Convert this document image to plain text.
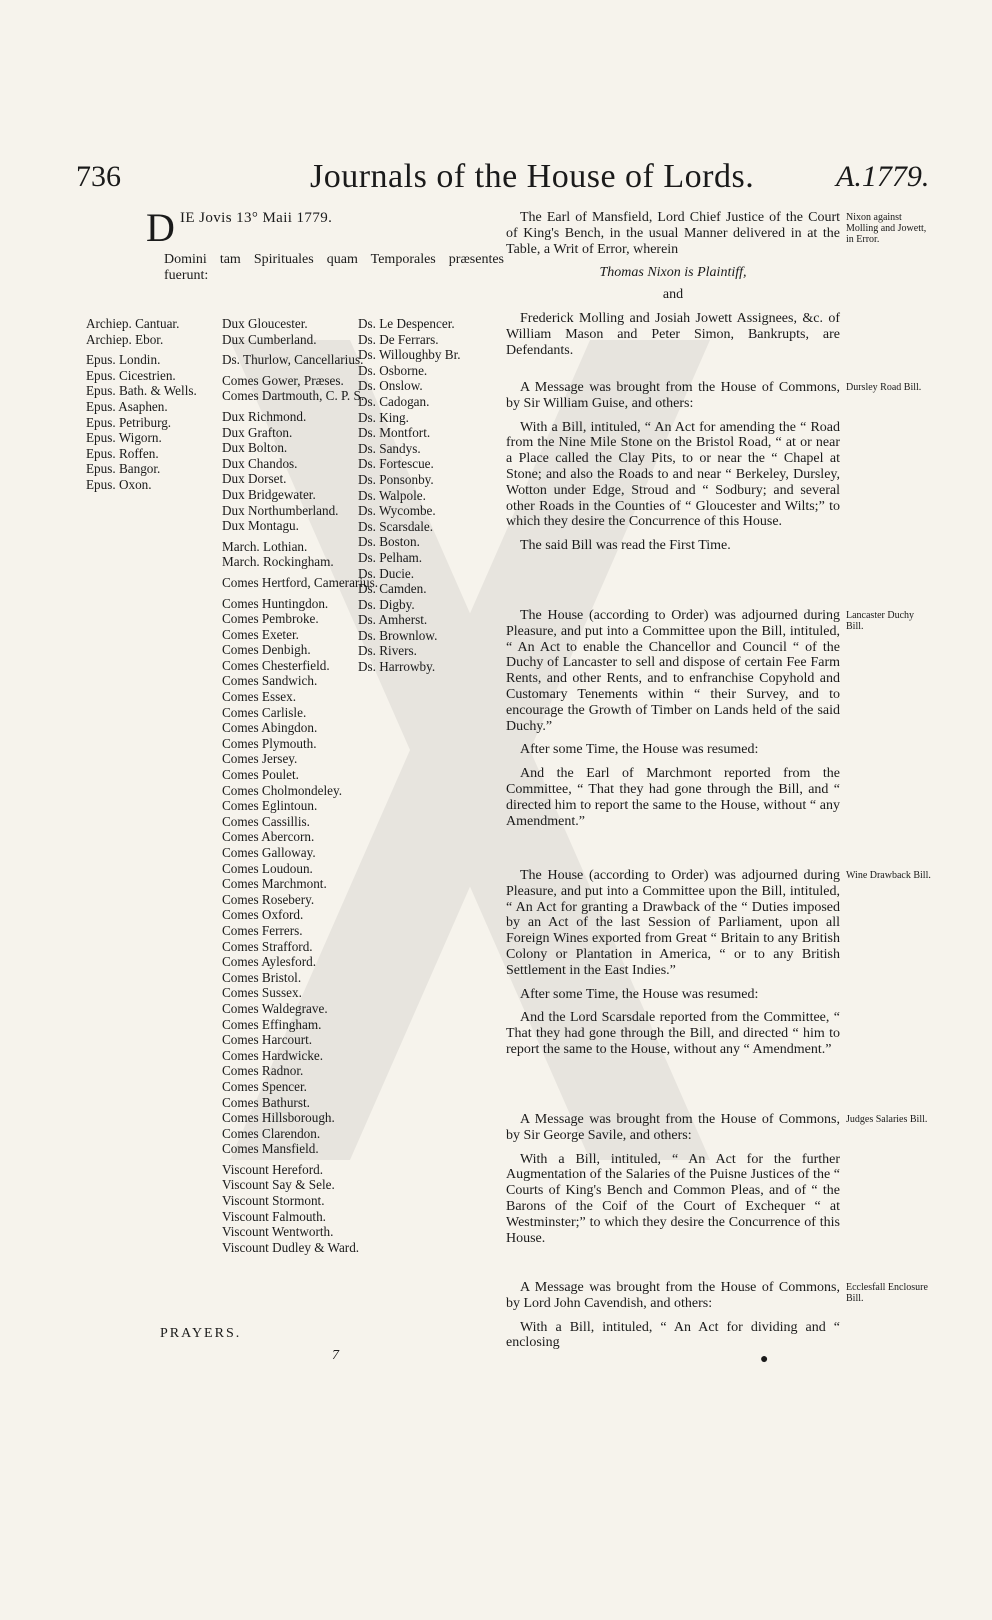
736	Journals of the House of Lords.	A.1779.
D IE Jovis 13° Maii 1779.
Domini tam Spirituales quam Temporales præsentes fuerunt:
Archiep. Cantuar.
Archiep. Ebor.
Epus. Londin.
Epus. Cicestrien.
Epus. Bath. & Wells.
Epus. Asaphen.
Epus. Petriburg.
Epus. Wigorn.
Epus. Roffen.
Epus. Bangor.
Epus. Oxon.
Dux Gloucester.
Dux Cumberland.
Ds. Thurlow, Cancellarius.
Comes Gower, Præses.
Comes Dartmouth, C. P. S.
Dux Richmond.
Dux Grafton.
Dux Bolton.
Dux Chandos.
Dux Dorset.
Dux Bridgewater.
Dux Northumberland.
Dux Montagu.
March. Lothian.
March. Rockingham.
Comes Hertford, Camerarius.
Comes Huntingdon.
Comes Pembroke.
Comes Exeter.
Comes Denbigh.
Comes Chesterfield.
Comes Sandwich.
Comes Essex.
Comes Carlisle.
Comes Abingdon.
Comes Plymouth.
Comes Jersey.
Comes Poulet.
Comes Cholmondeley.
Comes Eglintoun.
Comes Cassillis.
Comes Abercorn.
Comes Galloway.
Comes Loudoun.
Comes Marchmont.
Comes Rosebery.
Comes Oxford.
Comes Ferrers.
Comes Strafford.
Comes Aylesford.
Comes Bristol.
Comes Sussex.
Comes Waldegrave.
Comes Effingham.
Comes Harcourt.
Comes Hardwicke.
Comes Radnor.
Comes Spencer.
Comes Bathurst.
Comes Hillsborough.
Comes Clarendon.
Comes Mansfield.
Viscount Hereford.
Viscount Say & Sele.
Viscount Stormont.
Viscount Falmouth.
Viscount Wentworth.
Viscount Dudley & Ward.
Ds. Le Despencer.
Ds. De Ferrars.
Ds. Willoughby Br.
Ds. Osborne.
Ds. Onslow.
Ds. Cadogan.
Ds. King.
Ds. Montfort.
Ds. Sandys.
Ds. Fortescue.
Ds. Ponsonby.
Ds. Walpole.
Ds. Wycombe.
Ds. Scarsdale.
Ds. Boston.
Ds. Pelham.
Ds. Ducie.
Ds. Camden.
Ds. Digby.
Ds. Amherst.
Ds. Brownlow.
Ds. Rivers.
Ds. Harrowby.
PRAYERS.
7

The Earl of Mansfield, Lord Chief Justice of the Court of King's Bench, in the usual Manner delivered in at the Table, a Writ of Error, wherein

Thomas Nixon is Plaintiff,

and

Frederick Molling and Josiah Jowett Assignees, &c. of William Mason and Peter Simon, Bankrupts, are Defendants.

Nixon against Molling and Jowett, in Error.

A Message was brought from the House of Commons, by Sir William Guise, and others:

With a Bill, intituled, “ An Act for amending the “ Road from the Nine Mile Stone on the Bristol Road, “ at or near a Place called the Clay Pits, to or near the “ Chapel at Stone; and also the Roads to and near “ Berkeley, Dursley, Wotton under Edge, Stroud and “ Sodbury; and several other Roads in the Counties of “ Gloucester and Wilts;” to which they desire the Concurrence of this House.

The said Bill was read the First Time.

Dursley Road Bill.

The House (according to Order) was adjourned during Pleasure, and put into a Committee upon the Bill, intituled, “ An Act to enable the Chancellor and Council “ of the Duchy of Lancaster to sell and dispose of certain Fee Farm Rents, and other Rents, and to enfranchise Copyhold and Customary Tenements within “ their Survey, and to encourage the Growth of Timber on Lands held of the said Duchy.”

After some Time, the House was resumed:

And the Earl of Marchmont reported from the Committee, “ That they had gone through the Bill, and “ directed him to report the same to the House, without “ any Amendment.”

Lancaster Duchy Bill.

The House (according to Order) was adjourned during Pleasure, and put into a Committee upon the Bill, intituled, “ An Act for granting a Drawback of the “ Duties imposed by an Act of the last Session of Parliament, upon all Foreign Wines exported from Great “ Britain to any British Colony or Plantation in America, “ or to any British Settlement in the East Indies.”

After some Time, the House was resumed:

And the Lord Scarsdale reported from the Committee, “ That they had gone through the Bill, and directed “ him to report the same to the House, without any “ Amendment.”

Wine Drawback Bill.

A Message was brought from the House of Commons, by Sir George Savile, and others:

With a Bill, intituled, “ An Act for the further Augmentation of the Salaries of the Puisne Justices of the “ Courts of King's Bench and Common Pleas, and of “ the Barons of the Coif of the Court of Exchequer “ at Westminster;” to which they desire the Concurrence of this House.

Judges Salaries Bill.

A Message was brought from the House of Commons, by Lord John Cavendish, and others:

With a Bill, intituled, “ An Act for dividing and “ enclosing

Ecclesfall Enclosure Bill.
●
